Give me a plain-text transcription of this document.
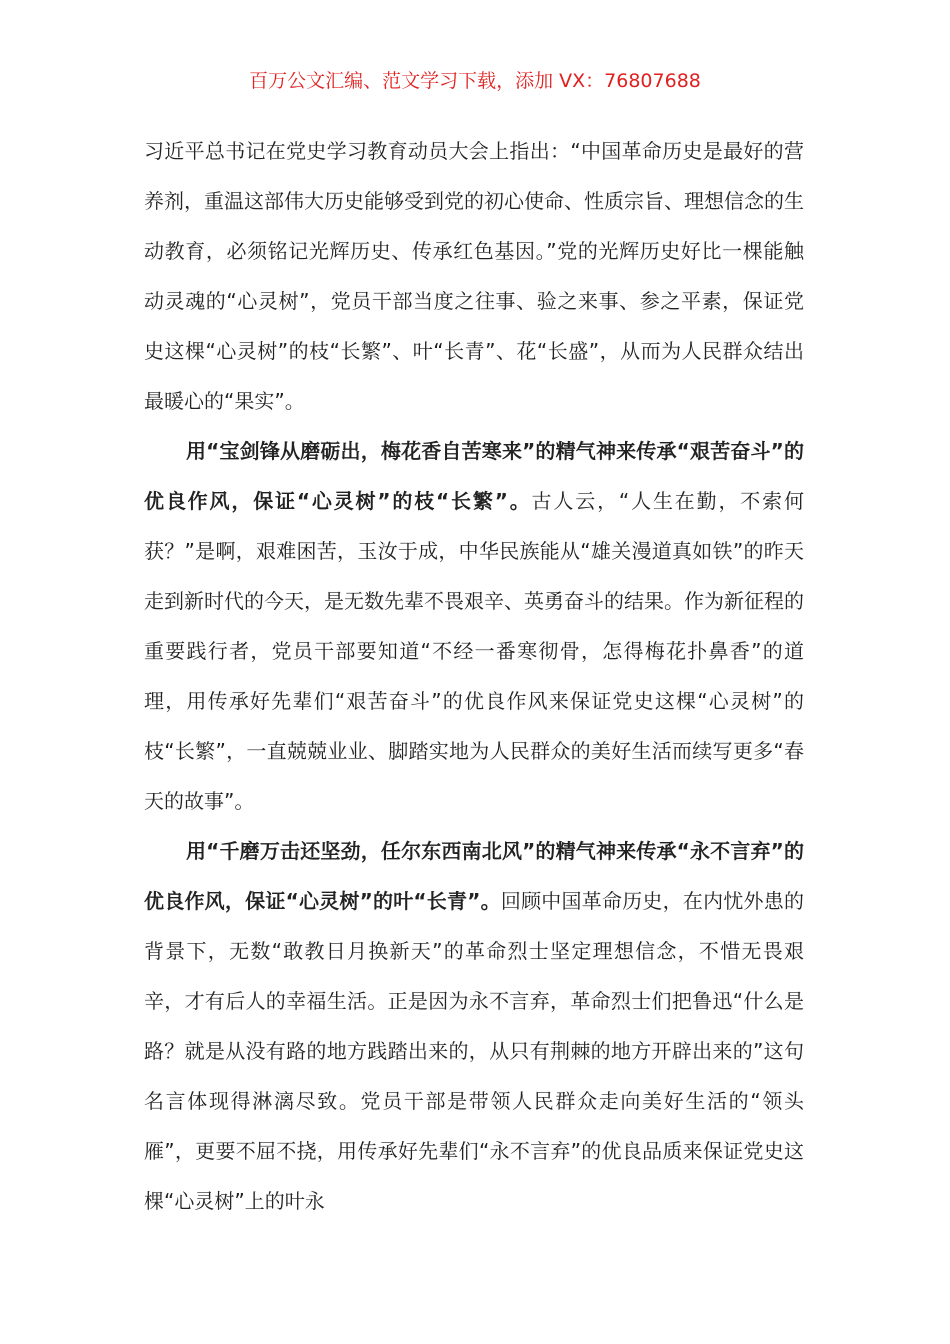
百万公文汇编、范文学习下载，添加 VX：76807688

习近平总书记在党史学习教育动员大会上指出：“中国革命历史是最好的营养剂，重温这部伟大历史能够受到党的初心使命、性质宗旨、理想信念的生动教育，必须铭记光辉历史、传承红色基因。”党的光辉历史好比一棵能触动灵魂的“心灵树”，党员干部当度之往事、验之来事、参之平素，保证党史这棵“心灵树”的枝“长繁”、叶“长青”、花“长盛”，从而为人民群众结出最暖心的“果实”。

用“宝剑锋从磨砺出，梅花香自苦寒来”的精气神来传承“艰苦奋斗”的优良作风，保证“心灵树”的枝“长繁”。古人云，“人生在勤，不索何获？”是啊，艰难困苦，玉汝于成，中华民族能从“雄关漫道真如铁”的昨天走到新时代的今天，是无数先辈不畏艰辛、英勇奋斗的结果。作为新征程的重要践行者，党员干部要知道“不经一番寒彻骨，怎得梅花扑鼻香”的道理，用传承好先辈们“艰苦奋斗”的优良作风来保证党史这棵“心灵树”的枝“长繁”，一直兢兢业业、脚踏实地为人民群众的美好生活而续写更多“春天的故事”。

用“千磨万击还坚劲，任尔东西南北风”的精气神来传承“永不言弃”的优良作风，保证“心灵树”的叶“长青”。回顾中国革命历史，在内忧外患的背景下，无数“敢教日月换新天”的革命烈士坚定理想信念，不惜无畏艰辛，才有后人的幸福生活。正是因为永不言弃，革命烈士们把鲁迅“什么是路？就是从没有路的地方践踏出来的，从只有荆棘的地方开辟出来的”这句名言体现得淋漓尽致。党员干部是带领人民群众走向美好生活的“领头雁”，更要不屈不挠，用传承好先辈们“永不言弃”的优良品质来保证党史这棵“心灵树”上的叶永
